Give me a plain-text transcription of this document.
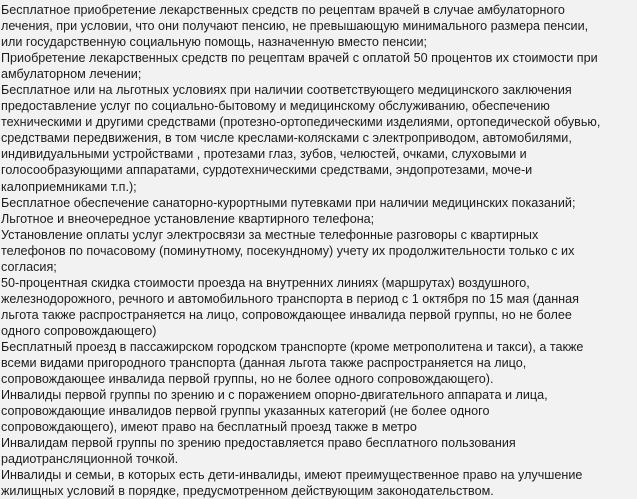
Бесплатное приобретение лекарственных средств по рецептам врачей в случае амбулаторного
лечения, при условии, что они получают пенсию, не превышающую минимального размера пенсии,
или государственную социальную помощь, назначенную вместо пенсии;
Приобретение лекарственных средств по рецептам врачей с оплатой 50 процентов их стоимости при
амбулаторном лечении;
Бесплатное или на льготных условиях при наличии соответствующего медицинского заключения
предоставление услуг по социально-бытовому и медицинскому обслуживанию, обеспечению
техническими и другими средствами (протезно-ортопедическими изделиями, ортопедической обувью,
средствами передвижения, в том числе креслами-колясками с электроприводом, автомобилями,
индивидуальными устройствами , протезами глаз, зубов, челюстей, очками, слуховыми и
голосообразующими аппаратами, сурдотехническими средствами, эндопротезами, моче-и
калоприемниками т.п.);
Бесплатное обеспечение санаторно-курортными путевками при наличии медицинских показаний;
Льготное и внеочередное установление квартирного телефона;
Установление оплаты услуг электросвязи за местные телефонные разговоры с квартирных
телефонов по почасовому (поминутному, посекундному) учету их продолжительности только с их
согласия;
50-процентная скидка стоимости проезда на внутренних линиях (маршрутах) воздушного,
железнодорожного, речного и автомобильного транспорта в период с 1 октября по 15 мая (данная
льгота также распространяется на лицо, сопровождающее инвалида первой группы, но не более
одного сопровождающего)
Бесплатный проезд в пассажирском городском транспорте (кроме метрополитена и такси), а также
всеми видами пригородного транспорта (данная льгота также распространяется на лицо,
сопровождающее инвалида первой группы, но не более одного сопровождающего).
Инвалиды первой группы по зрению и с поражением опорно-двигательного аппарата и лица,
сопровождающие инвалидов первой группы указанных категорий (не более одного
сопровождающего), имеют право на бесплатный проезд также в метро
Инвалидам первой группы по зрению предоставляется право бесплатного пользования
радиотрансляционной точкой.
Инвалиды и семьи, в которых есть дети-инвалиды, имеют преимущественное право на улучшение
жилищных условий в порядке, предусмотренном действующим законодательством.
